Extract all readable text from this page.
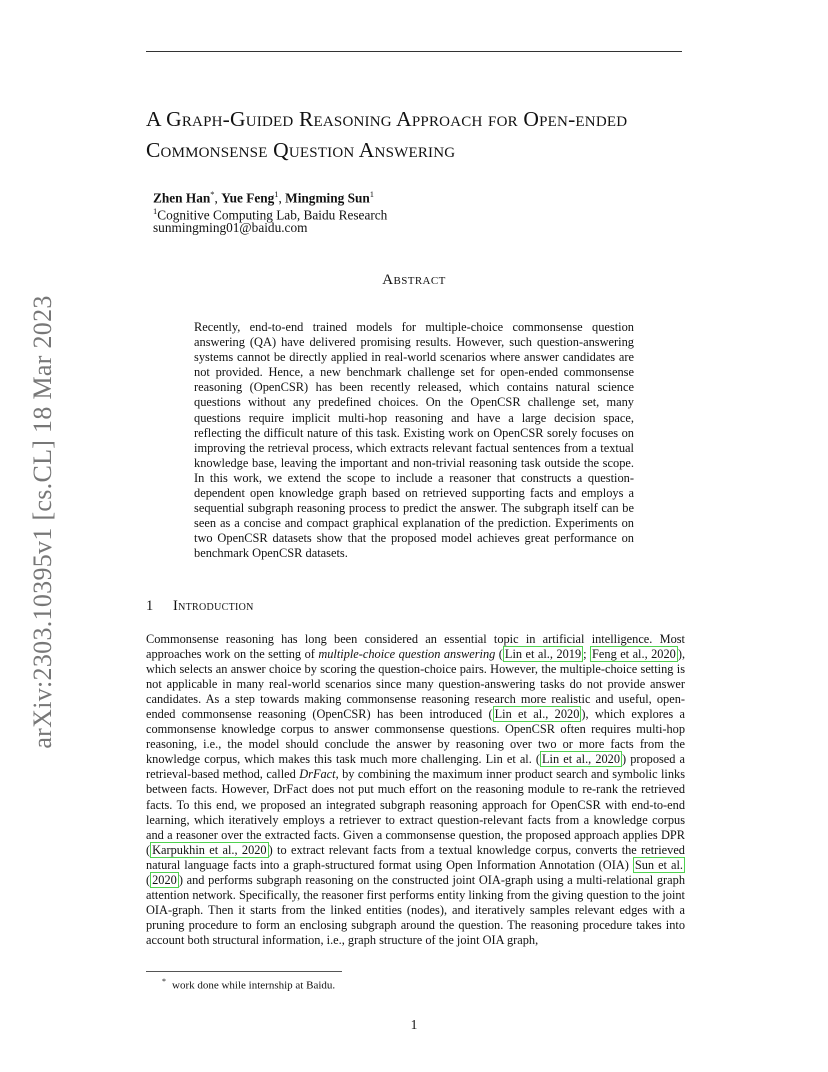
arXiv:2303.10395v1 [cs.CL] 18 Mar 2023
A Graph-Guided Reasoning Approach for Open-ended Commonsense Question Answering
Zhen Han*, Yue Feng$^1$, Mingming Sun$^1$
$^1$Cognitive Computing Lab, Baidu Research
sunmingming01@baidu.com
Abstract
Recently, end-to-end trained models for multiple-choice commonsense question answering (QA) have delivered promising results. However, such question-answering systems cannot be directly applied in real-world scenarios where answer candidates are not provided. Hence, a new benchmark challenge set for open-ended commonsense reasoning (OpenCSR) has been recently released, which contains natural science questions without any predefined choices. On the OpenCSR challenge set, many questions require implicit multi-hop reasoning and have a large decision space, reflecting the difficult nature of this task. Existing work on OpenCSR sorely focuses on improving the retrieval process, which extracts relevant factual sentences from a textual knowledge base, leaving the important and non-trivial reasoning task outside the scope. In this work, we extend the scope to include a reasoner that constructs a question-dependent open knowledge graph based on retrieved supporting facts and employs a sequential subgraph reasoning process to predict the answer. The subgraph itself can be seen as a concise and compact graphical explanation of the prediction. Experiments on two OpenCSR datasets show that the proposed model achieves great performance on benchmark OpenCSR datasets.
1 Introduction
Commonsense reasoning has long been considered an essential topic in artificial intelligence. Most approaches work on the setting of multiple-choice question answering ( Lin et al., 2019 ; Feng et al., 2020 ), which selects an answer choice by scoring the question-choice pairs. However, the multiple-choice setting is not applicable in many real-world scenarios since many question-answering tasks do not provide answer candidates. As a step towards making commonsense reasoning research more realistic and useful, open-ended commonsense reasoning (OpenCSR) has been introduced ( Lin et al., 2020 ), which explores a commonsense knowledge corpus to answer commonsense questions. OpenCSR often requires multi-hop reasoning, i.e., the model should conclude the answer by reasoning over two or more facts from the knowledge corpus, which makes this task much more challenging. Lin et al. ( Lin et al., 2020 ) proposed a retrieval-based method, called DrFact, by combining the maximum inner product search and symbolic links between facts. However, DrFact does not put much effort on the reasoning module to re-rank the retrieved facts. To this end, we proposed an integrated subgraph reasoning approach for OpenCSR with end-to-end learning, which iteratively employs a retriever to extract question-relevant facts from a knowledge corpus and a reasoner over the extracted facts. Given a commonsense question, the proposed approach applies DPR ( Karpukhin et al., 2020 ) to extract relevant facts from a textual knowledge corpus, converts the retrieved natural language facts into a graph-structured format using Open Information Annotation (OIA) Sun et al. ( 2020 ) and performs subgraph reasoning on the constructed joint OIA-graph using a multi-relational graph attention network. Specifically, the reasoner first performs entity linking from the giving question to the joint OIA-graph. Then it starts from the linked entities (nodes), and iteratively samples relevant edges with a pruning procedure to form an enclosing subgraph around the question. The reasoning procedure takes into account both structural information, i.e., graph structure of the joint OIA graph,
* work done while internship at Baidu.
1
